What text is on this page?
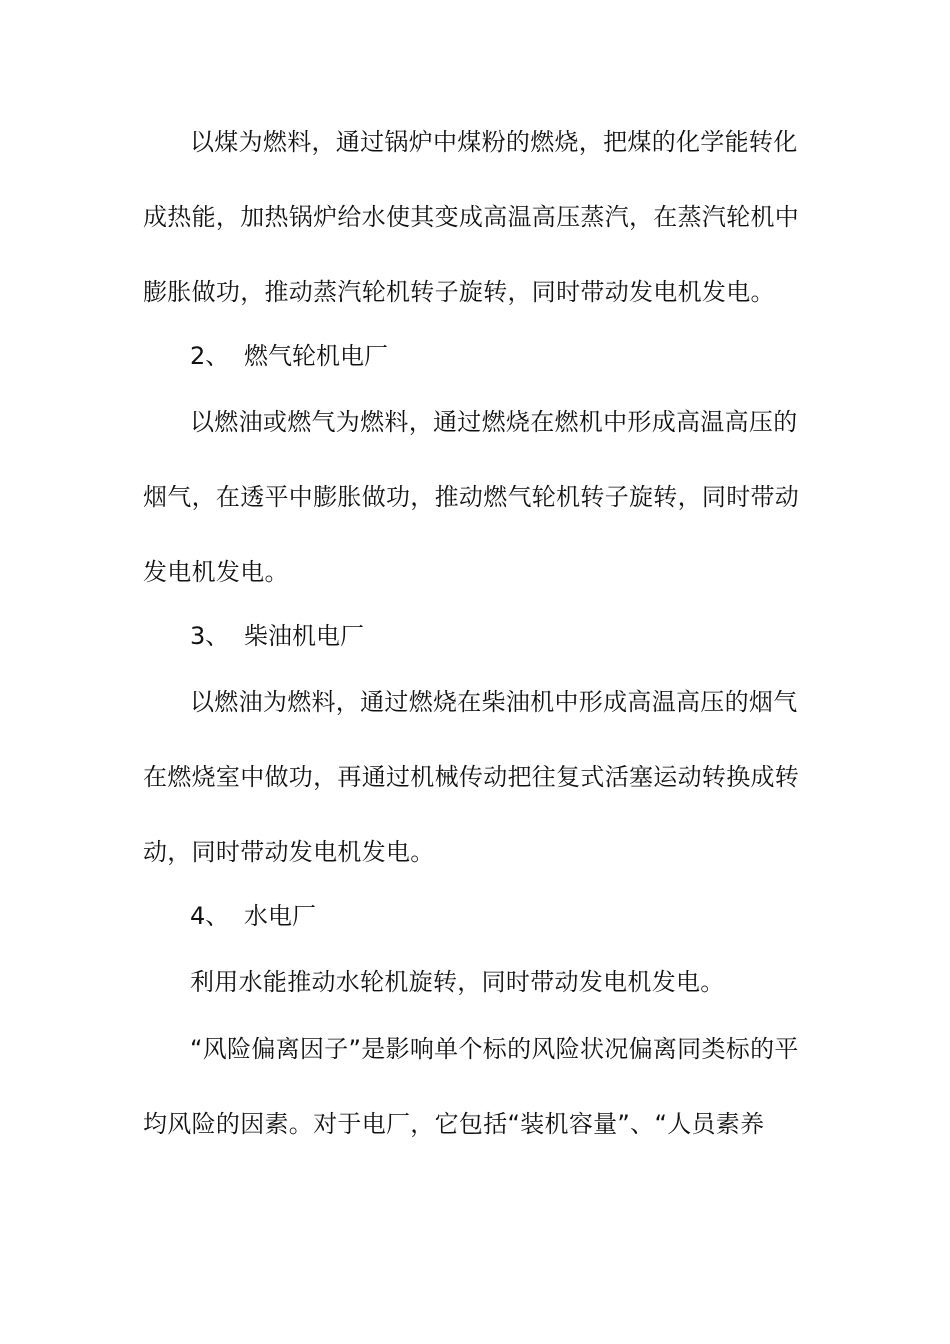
以煤为燃料，通过锅炉中煤粉的燃烧，把煤的化学能转化
成热能，加热锅炉给水使其变成高温高压蒸汽，在蒸汽轮机中
膨胀做功，推动蒸汽轮机转子旋转，同时带动发电机发电。
2、 燃气轮机电厂
以燃油或燃气为燃料，通过燃烧在燃机中形成高温高压的
烟气，在透平中膨胀做功，推动燃气轮机转子旋转，同时带动
发电机发电。
3、 柴油机电厂
以燃油为燃料，通过燃烧在柴油机中形成高温高压的烟气
在燃烧室中做功，再通过机械传动把往复式活塞运动转换成转
动，同时带动发电机发电。
4、 水电厂
利用水能推动水轮机旋转，同时带动发电机发电。
“风险偏离因子”是影响单个标的风险状况偏离同类标的平
均风险的因素。对于电厂，它包括“装机容量”、“人员素养
